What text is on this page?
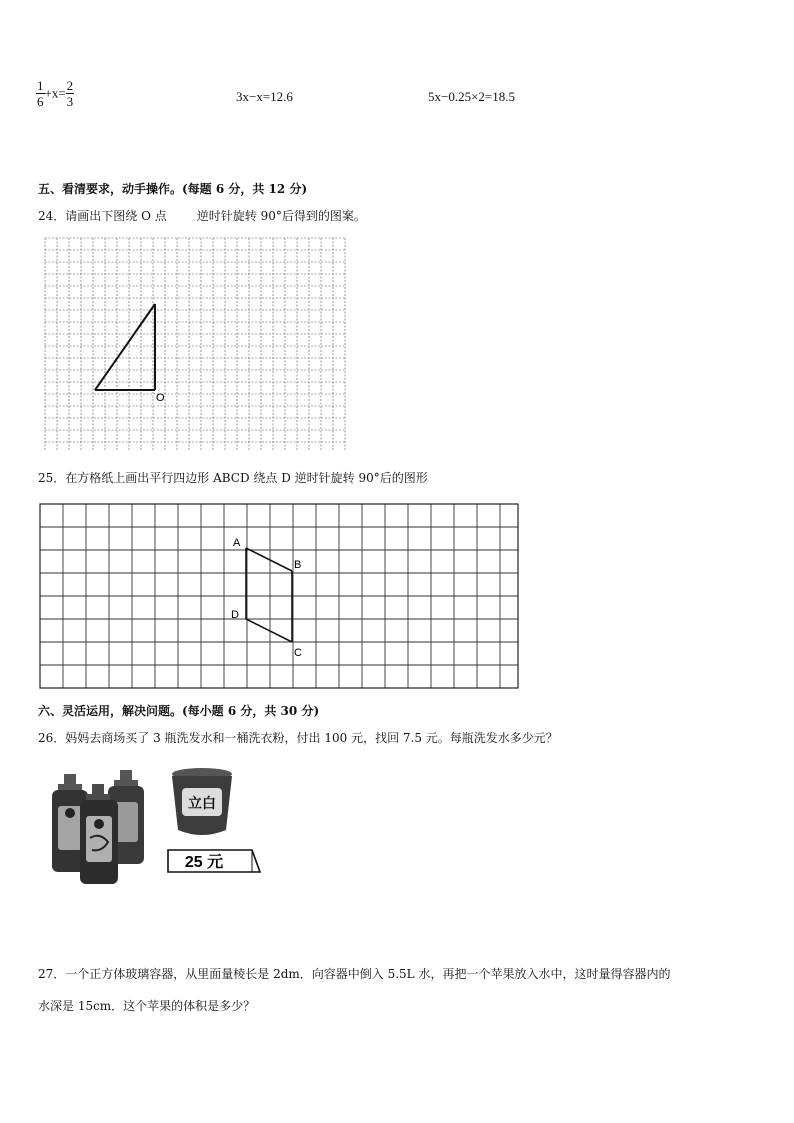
$\frac{1}{6} +x= \frac{2}{3}$	3x−x=12.6	5x−0.25×2=18.5
五、看清要求，动手操作。(每题 6 分，共 12 分)
24．请画出下图绕 O 点	逆时针旋转 90°后得到的图案。
O
25．在方格纸上画出平行四边形 ABCD 绕点 D 逆时针旋转 90°后的图形
A
B
D
C
六、灵活运用，解决问题。(每小题 6 分，共 30 分)
26．妈妈去商场买了 3 瓶洗发水和一桶洗衣粉，付出 100 元，找回 7.5 元。每瓶洗发水多少元？
立白
25 元
27．一个正方体玻璃容器，从里面量棱长是 2dm．向容器中倒入 5.5L 水，再把一个苹果放入水中，这时量得容器内的
水深是 15cm．这个苹果的体积是多少？
